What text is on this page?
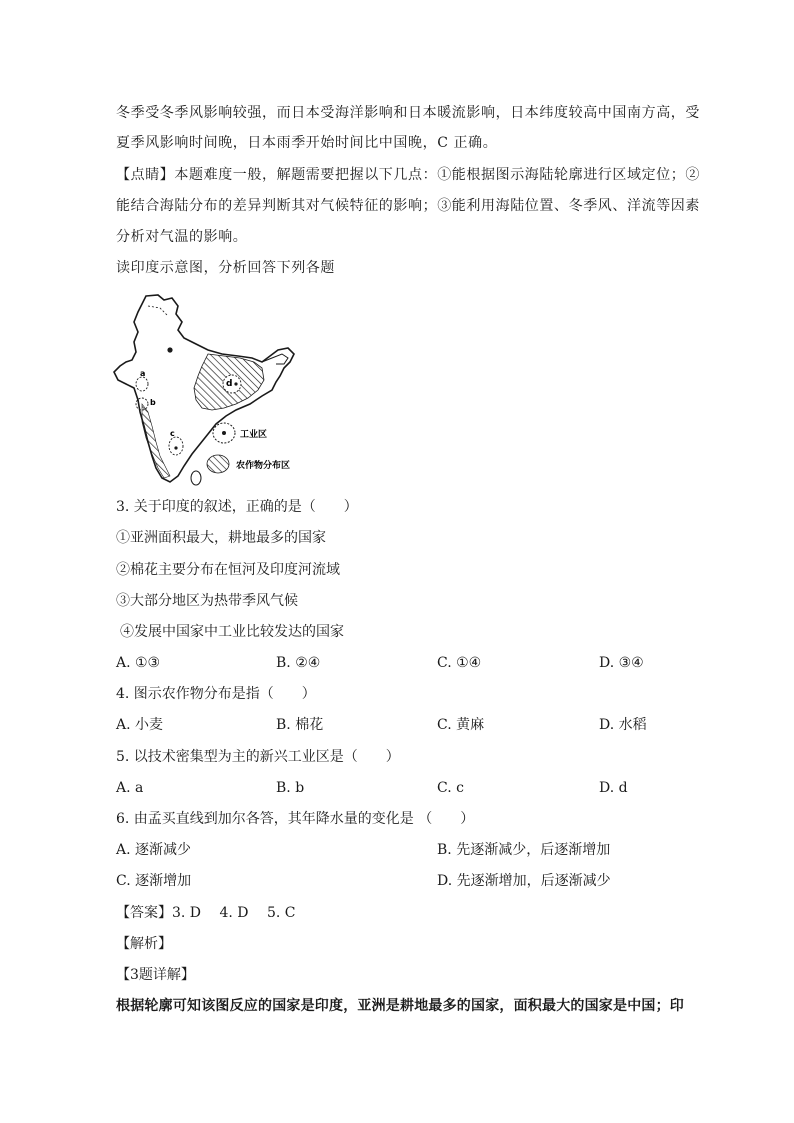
冬季受冬季风影响较强，而日本受海洋影响和日本暖流影响，日本纬度较高中国南方高，受
夏季风影响时间晚，日本雨季开始时间比中国晚，C 正确。
【点睛】本题难度一般，解题需要把握以下几点：①能根据图示海陆轮廓进行区域定位；②
能结合海陆分布的差异判断其对气候特征的影响；③能利用海陆位置、冬季风、洋流等因素
分析对气温的影响。
读印度示意图，分析回答下列各题
a
b
c
d
工业区
农作物分布区
3. 关于印度的叙述，正确的是（　　）
①亚洲面积最大，耕地最多的国家
②棉花主要分布在恒河及印度河流域
③大部分地区为热带季风气候
④发展中国家中工业比较发达的国家
A. ①③	B. ②④	C. ①④	D. ③④
4. 图示农作物分布是指（　　）
A. 小麦	B. 棉花	C. 黄麻	D. 水稻
5. 以技术密集型为主的新兴工业区是（　　）
A. a	B. b	C. c	D. d
6. 由孟买直线到加尔各答，其年降水量的变化是 （　　）
A. 逐渐减少	B. 先逐渐减少，后逐渐增加
C. 逐渐增加	D. 先逐渐增加，后逐渐减少
【答案】3. D　 4. D　 5. C
【解析】
【3题详解】
根据轮廓可知该图反应的国家是印度，亚洲是耕地最多的国家，面积最大的国家是中国；印
